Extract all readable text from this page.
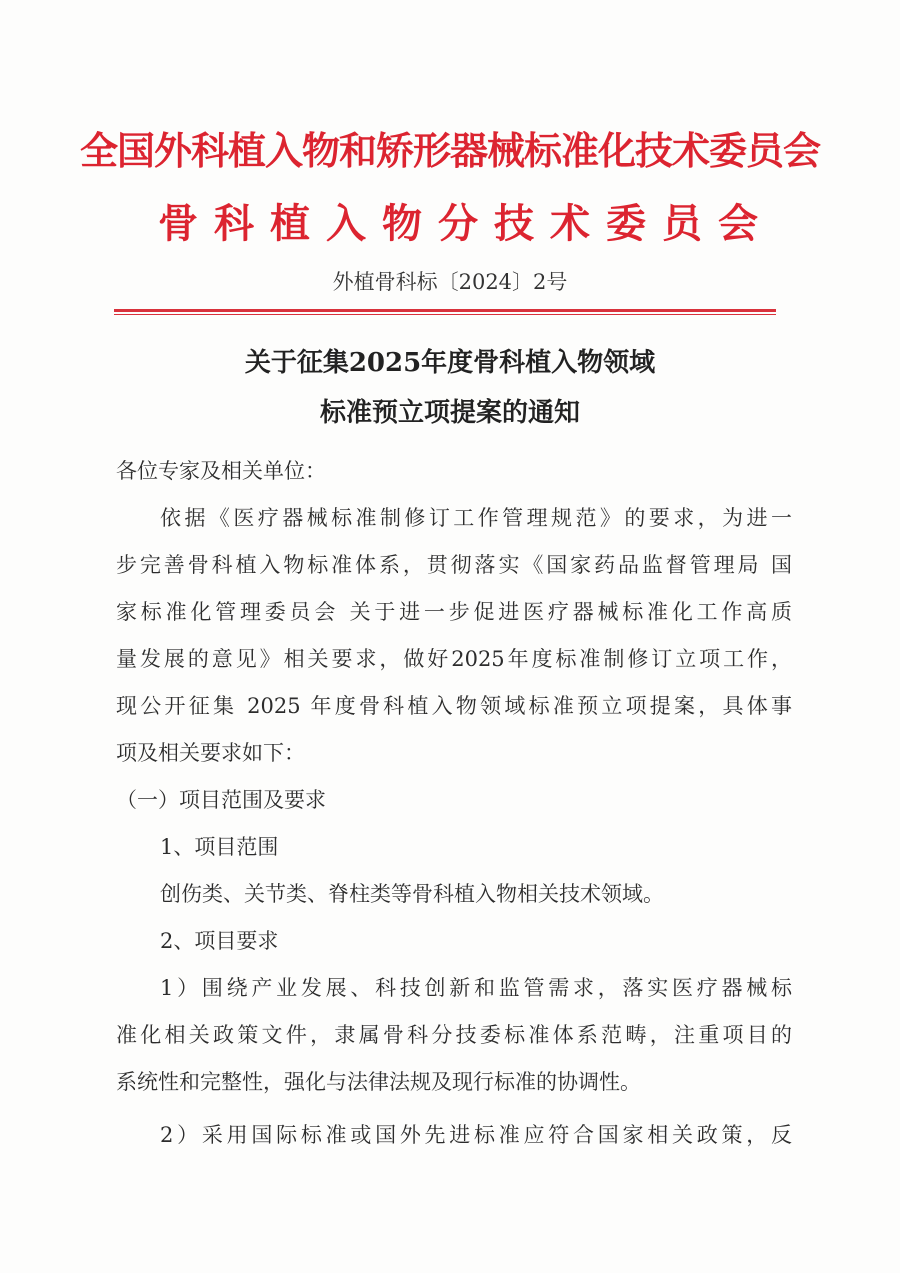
全国外科植入物和矫形器械标准化技术委员会
骨科植入物分技术委员会
外植骨科标〔2024〕2号
关于征集2025年度骨科植入物领域
标准预立项提案的通知
各位专家及相关单位：
依据《医疗器械标准制修订工作管理规范》的要求，为进一
步完善骨科植入物标准体系，贯彻落实《国家药品监督管理局 国
家标准化管理委员会 关于进一步促进医疗器械标准化工作高质
量发展的意见》相关要求，做好2025年度标准制修订立项工作，
现公开征集 2025 年度骨科植入物领域标准预立项提案，具体事
项及相关要求如下：
（一）项目范围及要求
1、项目范围
创伤类、关节类、脊柱类等骨科植入物相关技术领域。
2、项目要求
1）围绕产业发展、科技创新和监管需求，落实医疗器械标
准化相关政策文件，隶属骨科分技委标准体系范畴，注重项目的
系统性和完整性，强化与法律法规及现行标准的协调性。
2）采用国际标准或国外先进标准应符合国家相关政策，反
